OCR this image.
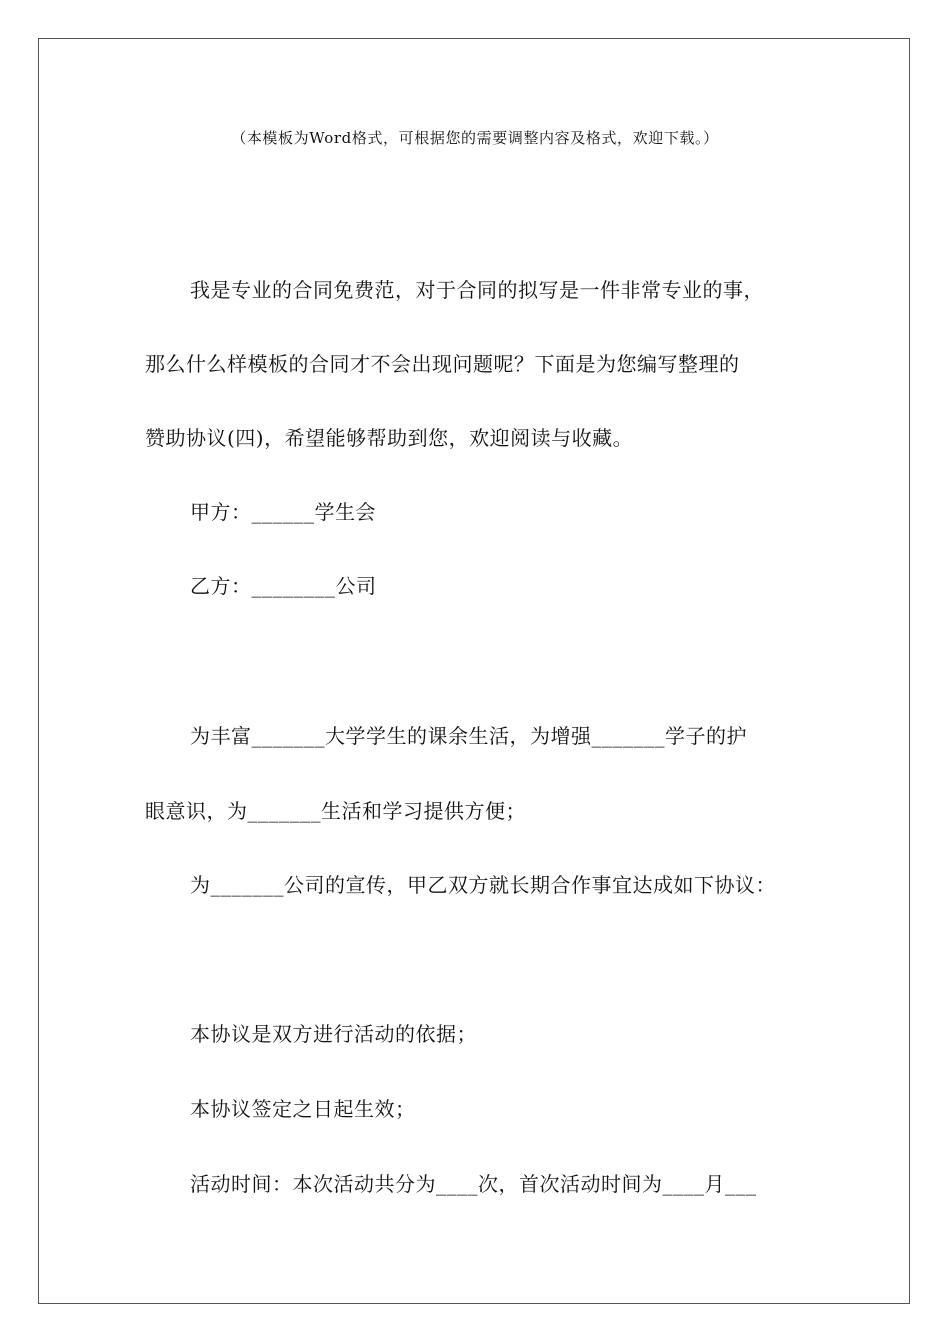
（本模板为Word格式，可根据您的需要调整内容及格式，欢迎下载。）
我是专业的合同免费范，对于合同的拟写是一件非常专业的事，
那么什么样模板的合同才不会出现问题呢？下面是为您编写整理的
赞助协议(四)，希望能够帮助到您，欢迎阅读与收藏。
甲方：______学生会
乙方：________公司
为丰富_______大学学生的课余生活，为增强_______学子的护
眼意识，为_______生活和学习提供方便；
为_______公司的宣传，甲乙双方就长期合作事宜达成如下协议：
本协议是双方进行活动的依据；
本协议签定之日起生效；
活动时间：本次活动共分为____次，首次活动时间为____月___
